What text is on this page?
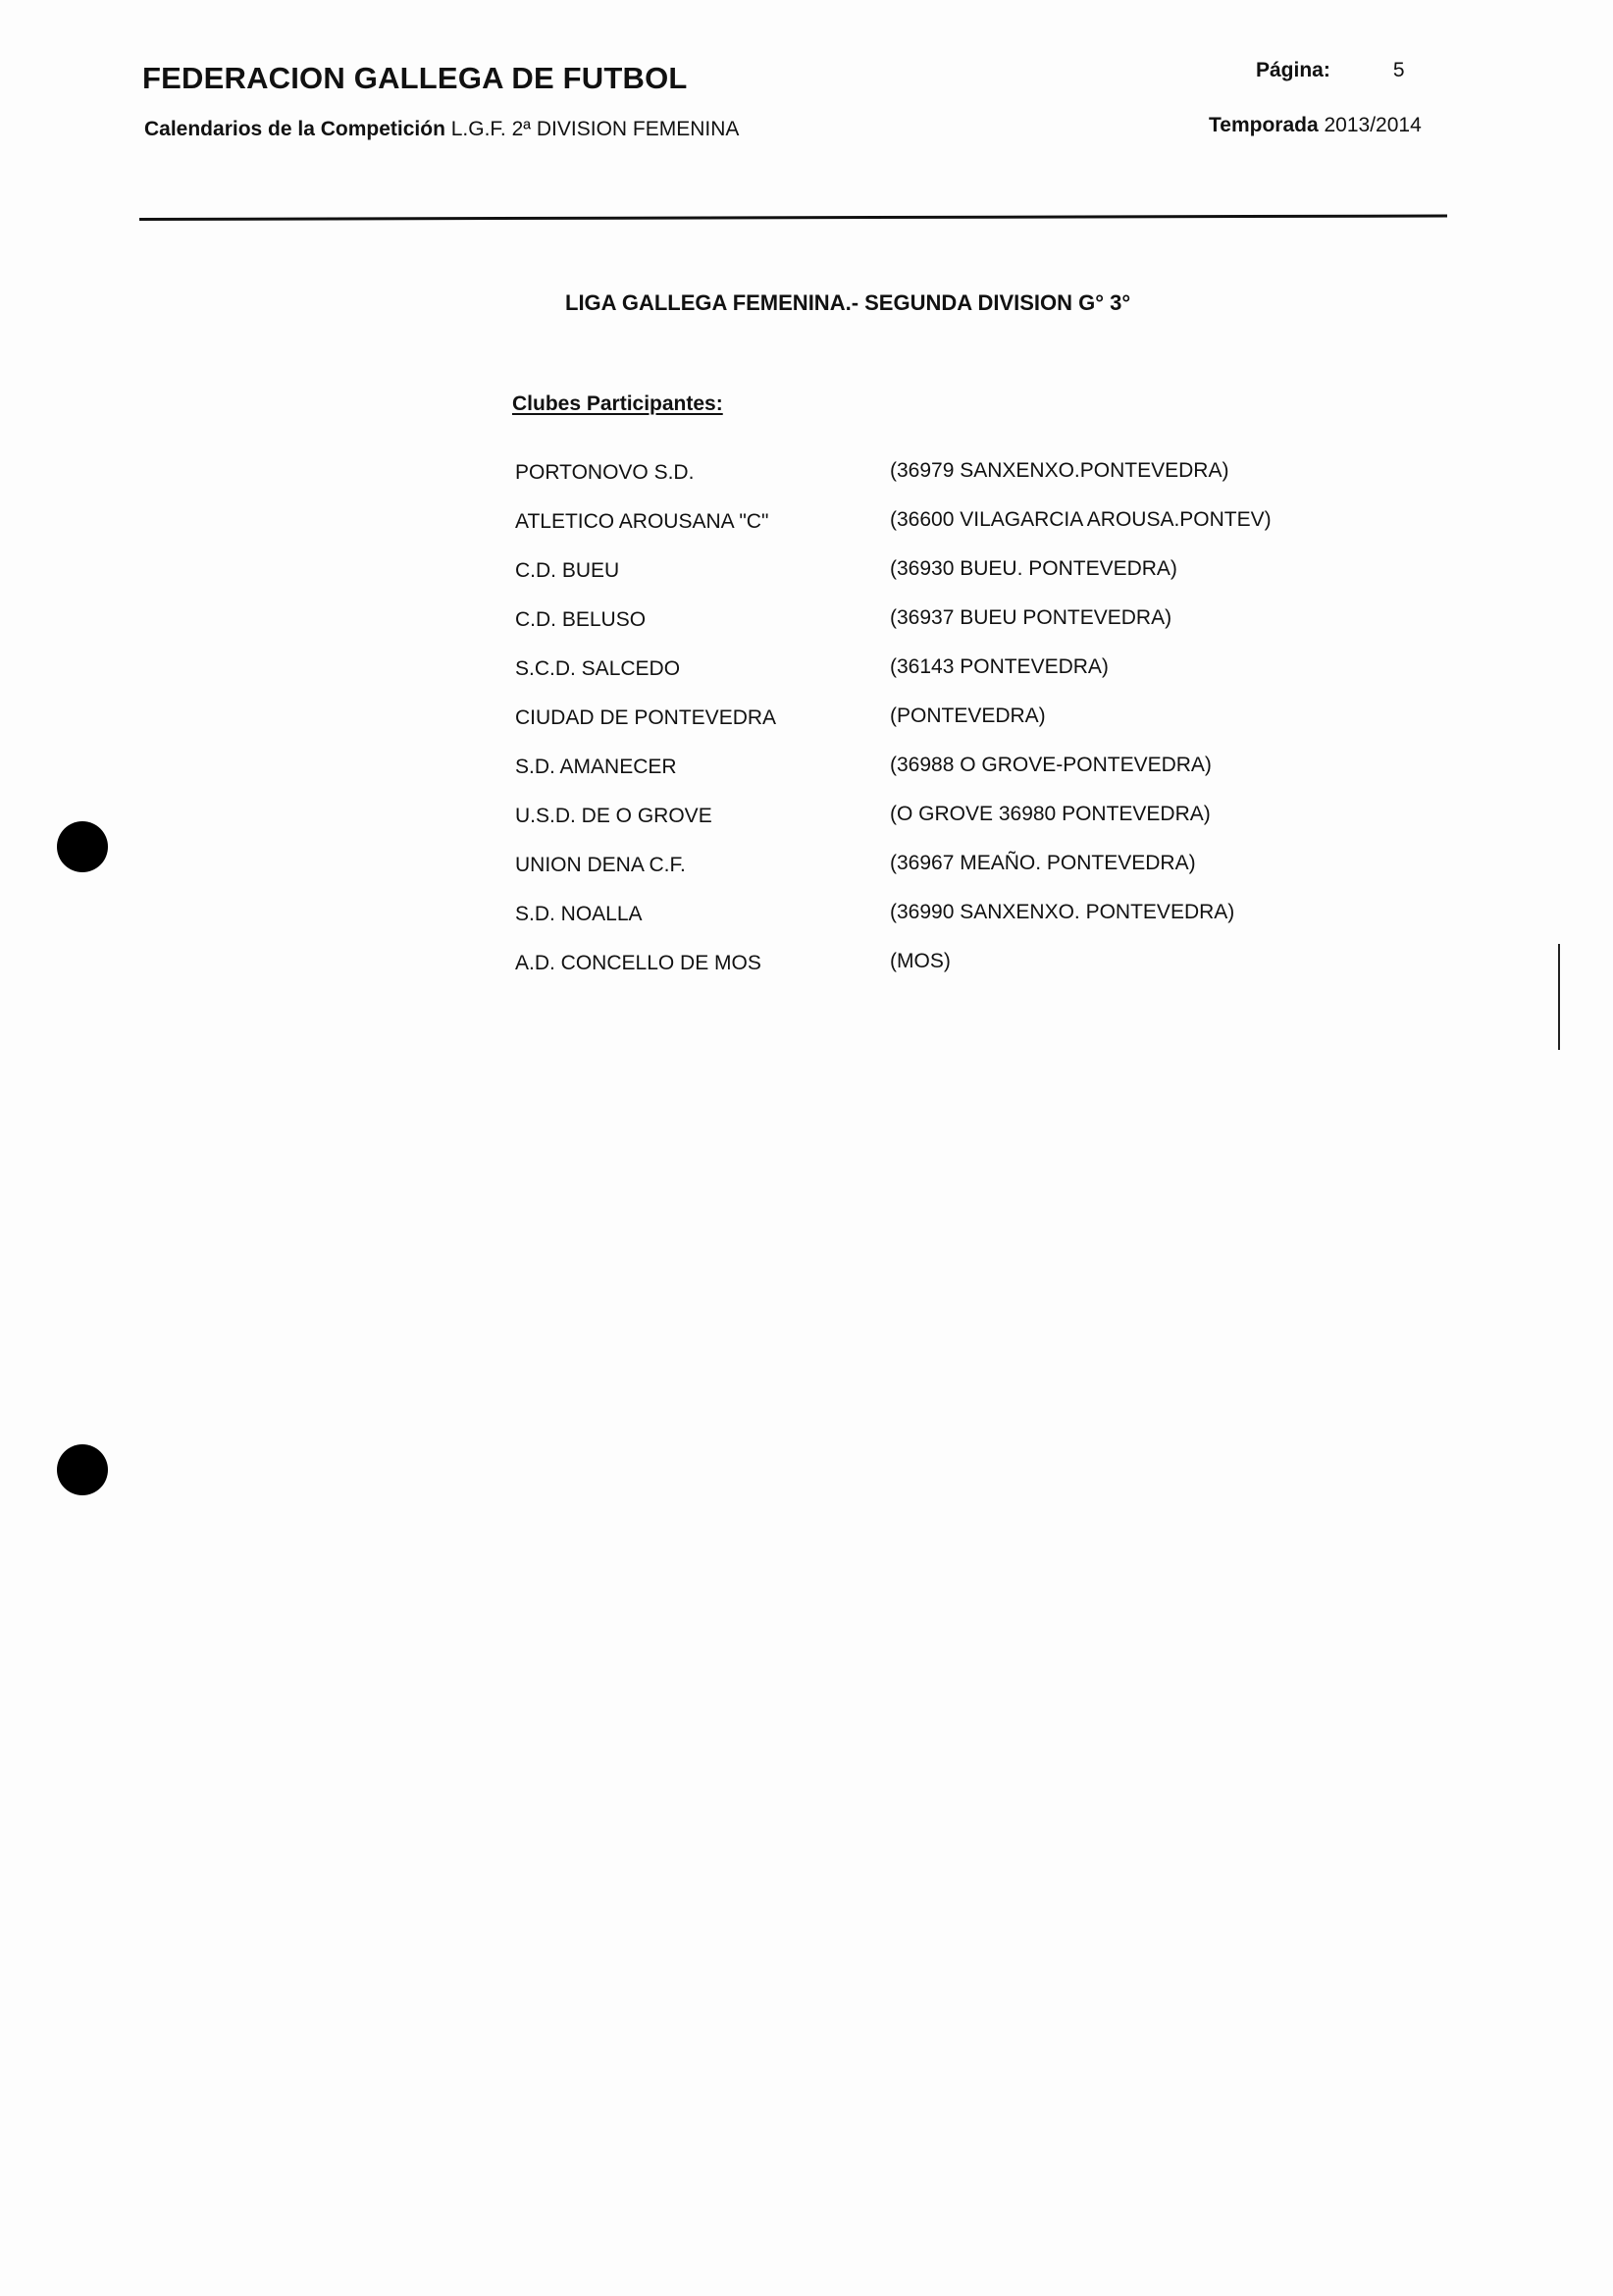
FEDERACION GALLEGA DE FUTBOL
Calendarios de la Competición L.G.F. 2ª DIVISION FEMENINA
Página:	5
Temporada 2013/2014
LIGA GALLEGA FEMENINA.- SEGUNDA DIVISION G° 3°
Clubes Participantes:
PORTONOVO S.D.	(36979 SANXENXO.PONTEVEDRA)
ATLETICO AROUSANA "C"	(36600 VILAGARCIA AROUSA.PONTEV)
C.D. BUEU	(36930 BUEU. PONTEVEDRA)
C.D. BELUSO	(36937 BUEU PONTEVEDRA)
S.C.D. SALCEDO	(36143 PONTEVEDRA)
CIUDAD DE PONTEVEDRA	(PONTEVEDRA)
S.D. AMANECER	(36988 O GROVE-PONTEVEDRA)
U.S.D. DE O GROVE	(O GROVE 36980 PONTEVEDRA)
UNION DENA C.F.	(36967 MEAÑO. PONTEVEDRA)
S.D. NOALLA	(36990 SANXENXO. PONTEVEDRA)
A.D. CONCELLO DE MOS	(MOS)
